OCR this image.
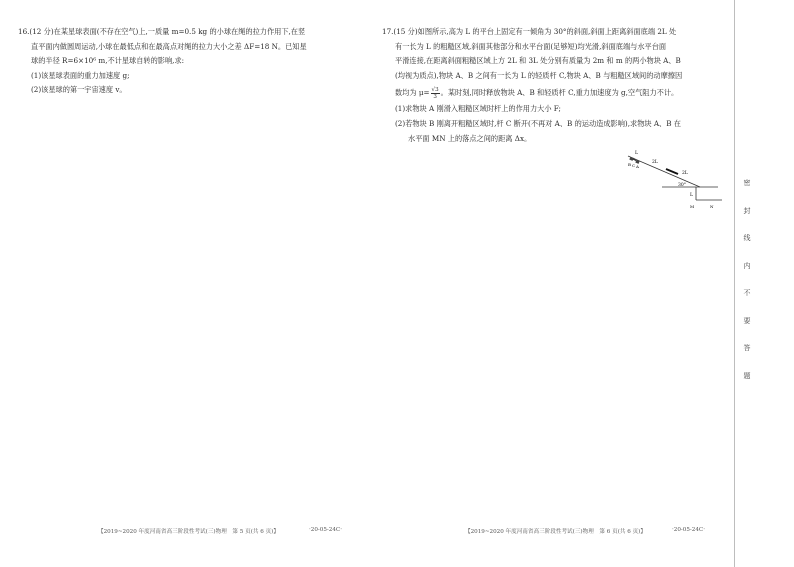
16.(12 分)在某星球表面(不存在空气)上,一质量 m=0.5 kg 的小球在绳的拉力作用下,在竖
直平面内做圆周运动,小球在最低点和在最高点对绳的拉力大小之差 ΔF=18 N。已知星
球的半径 R=6×10⁶ m,不计星球自转的影响,求:
(1)该星球表面的重力加速度 g;
(2)该星球的第一宇宙速度 v。
17.(15 分)如图所示,高为 L 的平台上固定有一倾角为 30°的斜面,斜面上距离斜面底端 2L 处
有一长为 L 的粗糙区域,斜面其他部分和水平台面(足够短)均光滑,斜面底端与水平台面
平滑连接,在距离斜面粗糙区域上方 2L 和 3L 处分别有质量为 2m 和 m 的两小物块 A、B
(均视为质点),物块 A、B 之间有一长为 L 的轻质杆 C,物块 A、B 与粗糙区域间的动摩擦因
数均为 $\mu= \frac{√3}{3}$ 。某时刻,同时释放物块 A、B 和轻质杆 C,重力加速度为 g,空气阻力不计。
(1)求物块 A 刚滑入粗糙区域时杆上的作用力大小 F;
(2)若物块 B 刚离开粗糙区域时,杆 C 断开(不再对 A、B 的运动造成影响),求物块 A、B 在
水平面 MN 上的落点之间的距离 Δx。
L
B C A
2L
2L
30°
L
M	N
【2019~2020 年度河南省高三阶段性考试(三)物理　第 5 页(共 6 页)】	·20-05-24C·	【2019~2020 年度河南省高三阶段性考试(三)物理　第 6 页(共 6 页)】	·20-05-24C·
密
封
线
内
不
要
答
题
